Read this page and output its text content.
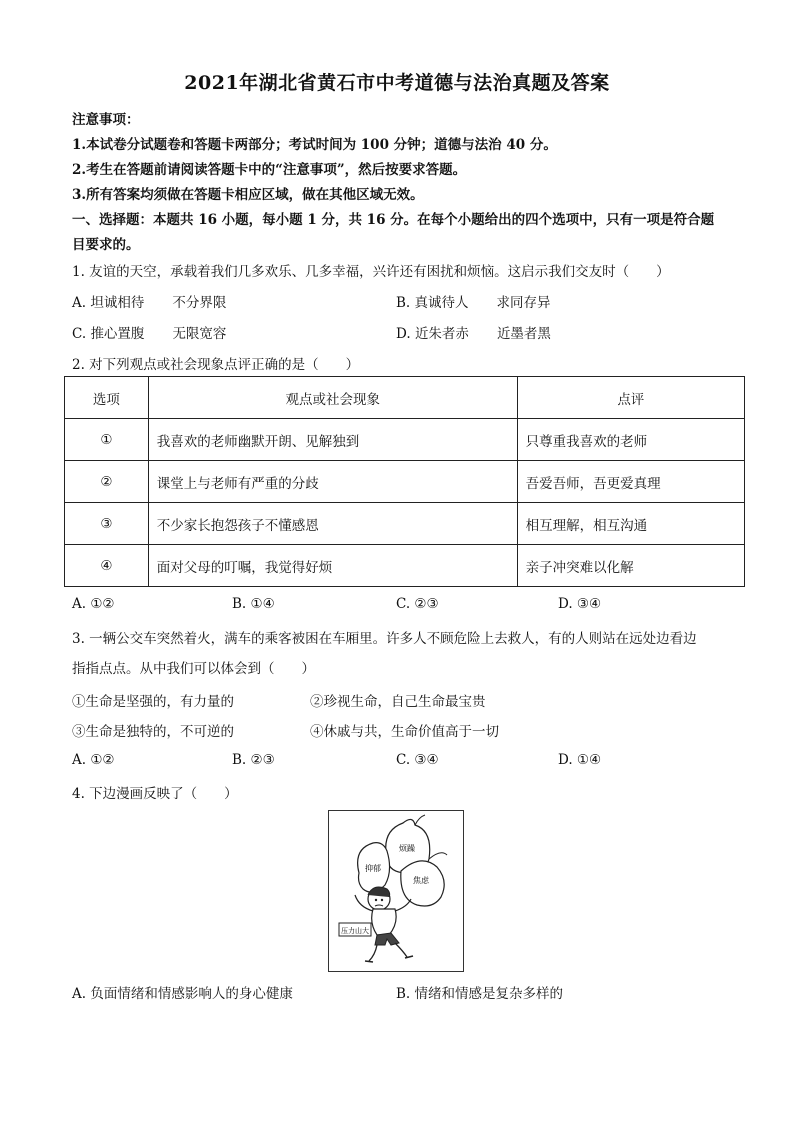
2021年湖北省黄石市中考道德与法治真题及答案
注意事项：
1.本试卷分试题卷和答题卡两部分；考试时间为 100 分钟；道德与法治 40 分。
2.考生在答题前请阅读答题卡中的“注意事项”，然后按要求答题。
3.所有答案均须做在答题卡相应区域，做在其他区域无效。
一、选择题：本题共 16 小题，每小题 1 分，共 16 分。在每个小题给出的四个选项中，只有一项是符合题
目要求的。
1. 友谊的天空，承载着我们几多欢乐、几多幸福，兴许还有困扰和烦恼。这启示我们交友时（　　）
A. 坦诚相待 不分界限	B. 真诚待人 求同存异
C. 推心置腹 无限宽容	D. 近朱者赤 近墨者黑
2. 对下列观点或社会现象点评正确的是（　　）
选项	观点或社会现象	点评
①	我喜欢的老师幽默开朗、见解独到	只尊重我喜欢的老师
②	课堂上与老师有严重的分歧	吾爱吾师，吾更爱真理
③	不少家长抱怨孩子不懂感恩	相互理解，相互沟通
④	面对父母的叮嘱，我觉得好烦	亲子冲突难以化解
A. ①②	B. ①④	C. ②③	D. ③④
3. 一辆公交车突然着火，满车的乘客被困在车厢里。许多人不顾危险上去救人，有的人则站在远处边看边
指指点点。从中我们可以体会到（　　）
①生命是坚强的，有力量的	②珍视生命，自己生命最宝贵
③生命是独特的，不可逆的	④休戚与共，生命价值高于一切
A. ①②	B. ②③	C. ③④	D. ①④
4. 下边漫画反映了（　　）
烦躁
抑郁
焦虑
压力山大
A. 负面情绪和情感影响人的身心健康	B. 情绪和情感是复杂多样的
